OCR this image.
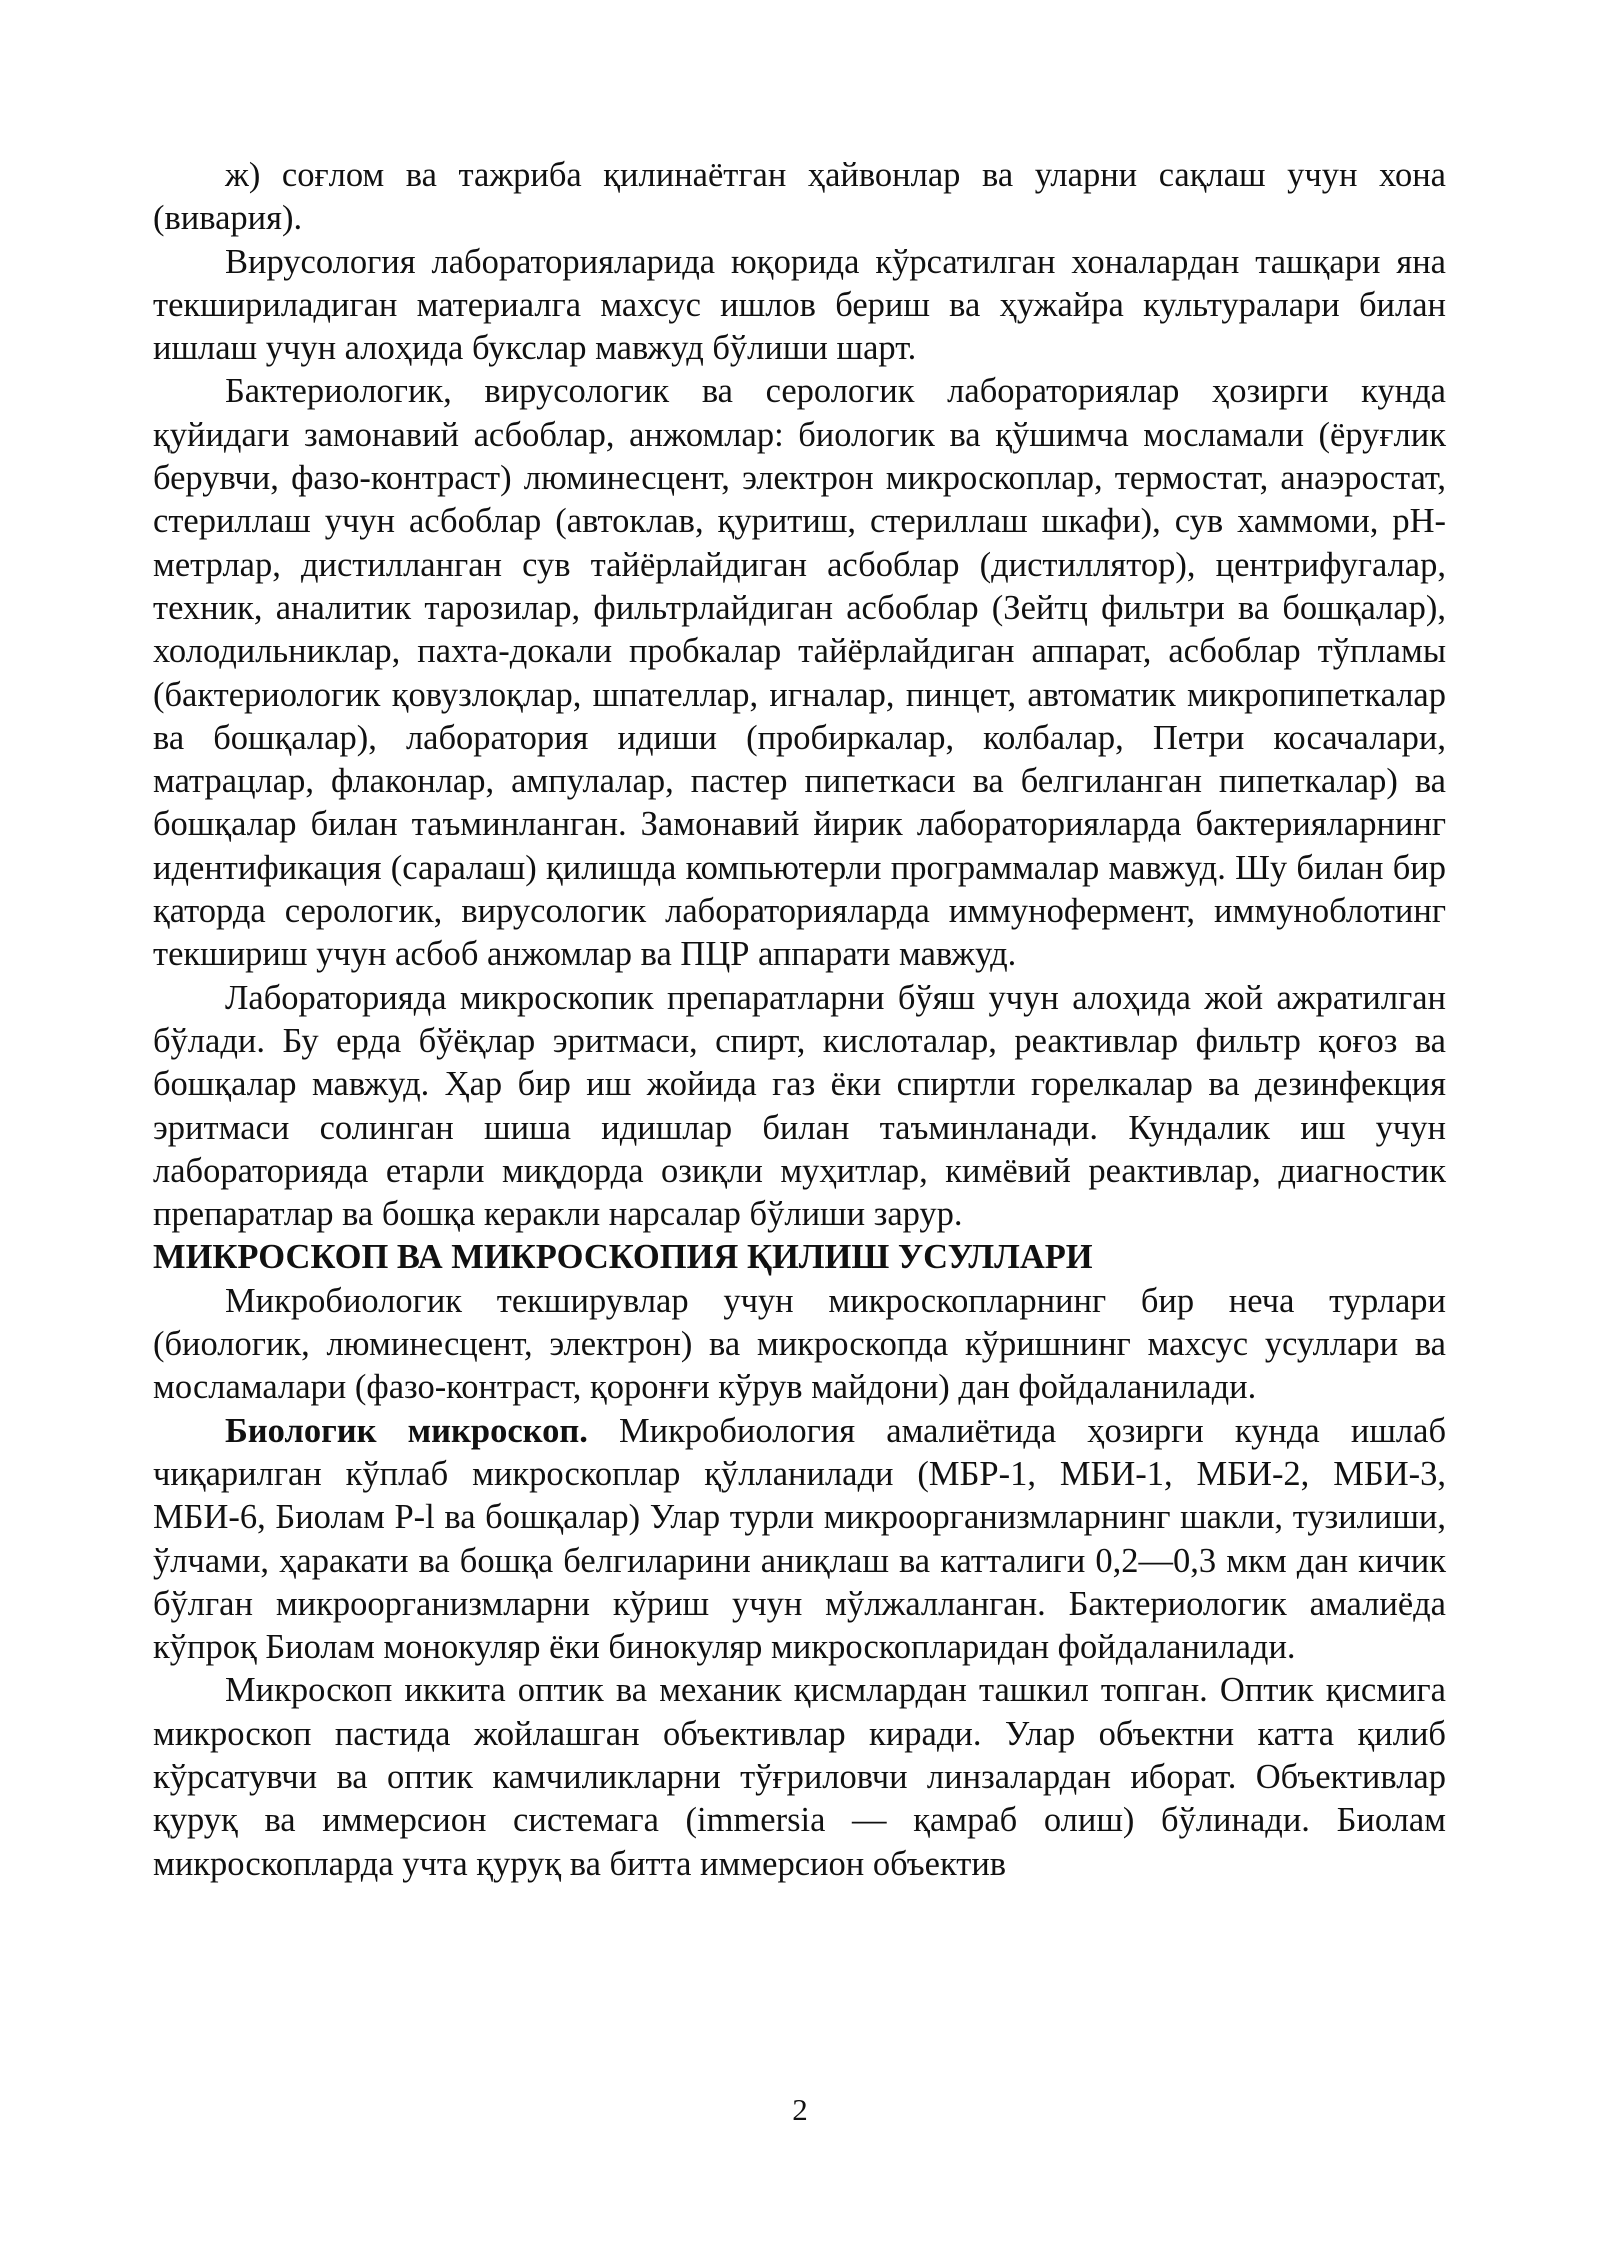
ж) соғлом ва тажриба қилинаётган ҳайвонлар ва уларни сақлаш учун хона (вивария).

Вирусология лабораторияларида юқорида кўрсатилган хоналардан ташқари яна текшириладиган материалга махсус ишлов бериш ва ҳужайра культуралари билан ишлаш учун алоҳида букслар мавжуд бўлиши шарт.

Бактериологик, вирусологик ва серологик лабораториялар ҳозирги кунда қуйидаги замонавий асбоблар, анжомлар: биологик ва қўшимча мосламали (ёруғлик берувчи, фазо-контраст) люминесцент, электрон микроскоплар, термостат, анаэростат, стериллаш учун асбоблар (автоклав, қуритиш, стериллаш шкафи), сув хаммоми, pH-метрлар, дистилланган сув тайёрлайдиган асбоблар (дистиллятор), центрифугалар, техник, аналитик тарозилар, фильтрлайдиган асбоблар (Зейтц фильтри ва бошқалар), холодильниклар, пахта-докали пробкалар тайёрлайдиган аппарат, асбоблар тўпламы (бактериологик қовузлоқлар, шпателлар, игналар, пинцет, автоматик микропипеткалар ва бошқалар), лаборатория идиши (пробиркалар, колбалар, Петри косачалари, матрацлар, флаконлар, ампулалар, пастер пипеткаси ва белгиланган пипеткалар) ва бошқалар билан таъминланган. Замонавий йирик лабораторияларда бактерияларнинг идентификация (саралаш) қилишда компьютерли программалар мавжуд. Шу билан бир қаторда серологик, вирусологик лабораторияларда иммунофермент, иммуноблотинг текшириш учун асбоб анжомлар ва ПЦР аппарати мавжуд.

Лабораторияда микроскопик препаратларни бўяш учун алоҳида жой ажратилган бўлади. Бу ерда бўёқлар эритмаси, спирт, кислоталар, реактивлар фильтр қоғоз ва бошқалар мавжуд. Ҳар бир иш жойида газ ёки спиртли горелкалар ва дезинфекция эритмаси солинган шиша идишлар билан таъминланади. Кундалик иш учун лабораторияда етарли миқдорда озиқли муҳитлар, кимёвий реактивлар, диагностик препаратлар ва бошқа керакли нарсалар бўлиши зарур.

МИКРОСКОП ВА МИКРОСКОПИЯ ҚИЛИШ УСУЛЛАРИ

Микробиологик текширувлар учун микроскопларнинг бир неча турлари (биологик, люминесцент, электрон) ва микроскопда кўришнинг махсус усуллари ва мосламалари (фазо-контраст, қоронғи кўрув майдони) дан фойдаланилади.

Биологик микроскоп. Микробиология амалиётида ҳозирги кунда ишлаб чиқарилган кўплаб микроскоплар қўлланилади (МБР-1, МБИ-1, МБИ-2, МБИ-3, МБИ-6, Биолам Р-l ва бошқалар) Улар турли микроорганизмларнинг шакли, тузилиши, ўлчами, ҳаракати ва бошқа белгиларини аниқлаш ва катталиги 0,2—0,3 мкм дан кичик бўлган микроорганизмларни кўриш учун мўлжалланган. Бактериологик амалиёда кўпроқ Биолам монокуляр ёки бинокуляр микроскопларидан фойдаланилади.

Микроскоп иккита оптик ва механик қисмлардан ташкил топган. Оптик қисмига микроскоп пастида жойлашган объективлар киради. Улар объектни катта қилиб кўрсатувчи ва оптик камчиликларни тўғриловчи линзалардан иборат. Объективлар қуруқ ва иммерсион системага (immersia — қамраб олиш) бўлинади. Биолам микроскопларда учта қуруқ ва битта иммерсион объектив

2
